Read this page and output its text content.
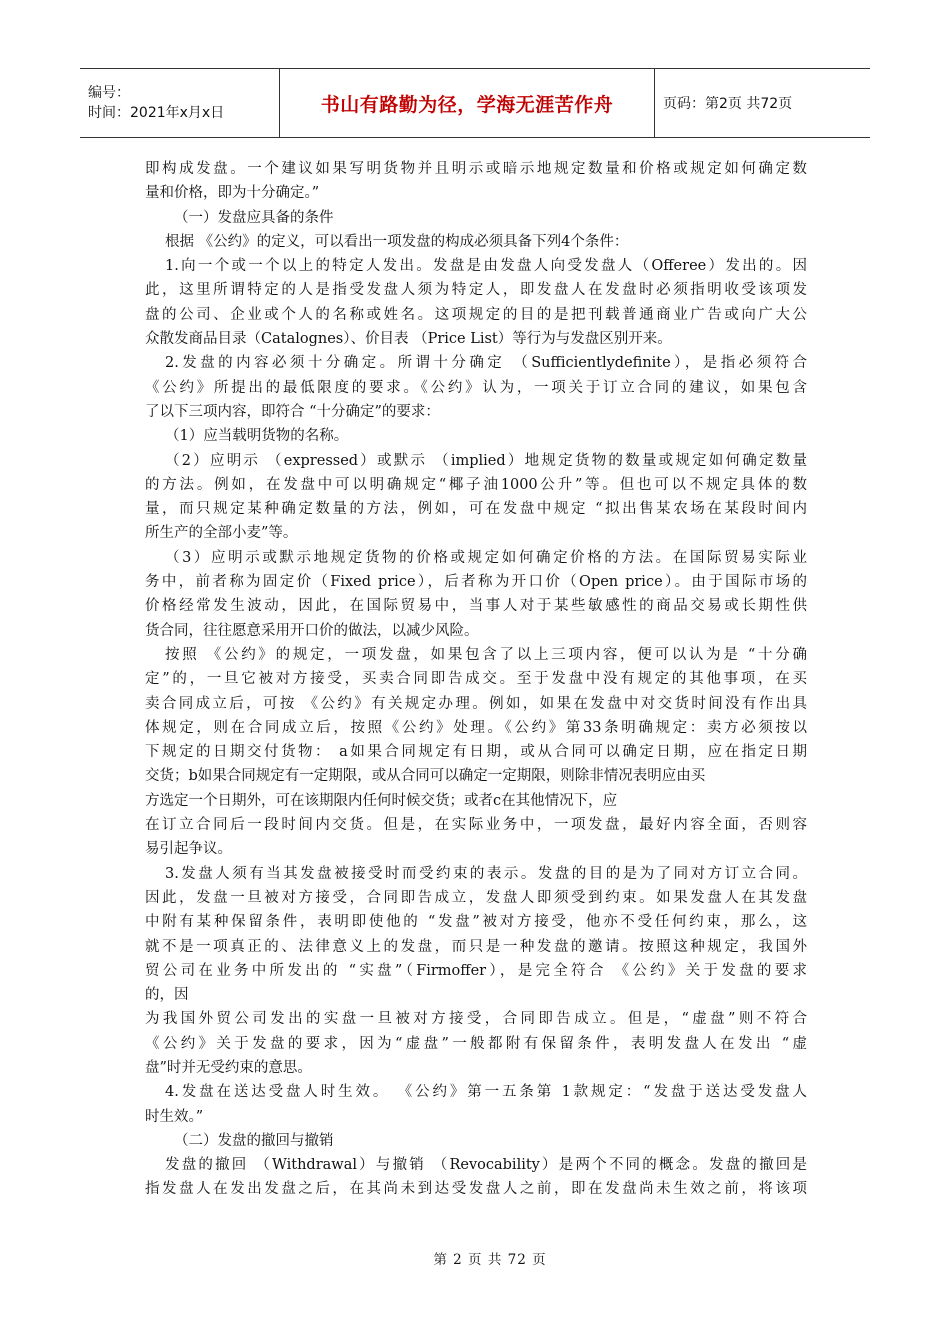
编号：
时间：2021年x月x日	书山有路勤为径，学海无涯苦作舟	页码：第2页 共72页
即构成发盘。一个建议如果写明货物并且明示或暗示地规定数量和价格或规定如何确定数
量和价格，即为十分确定。”
（一）发盘应具备的条件
根据 《公约》的定义，可以看出一项发盘的构成必须具备下列4个条件：
1.向一个或一个以上的特定人发出。发盘是由发盘人向受发盘人（Offeree）发出的。因
此，这里所谓特定的人是指受发盘人须为特定人，即发盘人在发盘时必须指明收受该项发
盘的公司、企业或个人的名称或姓名。这项规定的目的是把刊载普通商业广告或向广大公
众散发商品目录（Catalognes）、价目表 （Price List）等行为与发盘区别开来。
2.发盘的内容必须十分确定。所谓十分确定 （Sufficientlydefinite），是指必须符合
《公约》所提出的最低限度的要求。《公约》认为，一项关于订立合同的建议，如果包含
了以下三项内容，即符合 “十分确定”的要求：
（1）应当载明货物的名称。
（2）应明示 （expressed）或默示 （implied）地规定货物的数量或规定如何确定数量
的方法。例如，在发盘中可以明确规定“椰子油1000公升”等。但也可以不规定具体的数
量，而只规定某种确定数量的方法，例如，可在发盘中规定 “拟出售某农场在某段时间内
所生产的全部小麦”等。
（3）应明示或默示地规定货物的价格或规定如何确定价格的方法。在国际贸易实际业
务中，前者称为固定价（Fixed price），后者称为开口价（Open price）。由于国际市场的
价格经常发生波动，因此，在国际贸易中，当事人对于某些敏感性的商品交易或长期性供
货合同，往往愿意采用开口价的做法，以减少风险。
按照 《公约》的规定，一项发盘，如果包含了以上三项内容，便可以认为是 “十分确
定”的，一旦它被对方接受，买卖合同即告成交。至于发盘中没有规定的其他事项，在买
卖合同成立后，可按 《公约》有关规定办理。例如，如果在发盘中对交货时间没有作出具
体规定，则在合同成立后，按照《公约》处理。《公约》第33条明确规定：卖方必须按以
下规定的日期交付货物： a如果合同规定有日期，或从合同可以确定日期，应在指定日期
交货；b如果合同规定有一定期限，或从合同可以确定一定期限，则除非情况表明应由买
方选定一个日期外，可在该期限内任何时候交货；或者c在其他情况下，应
在订立合同后一段时间内交货。但是，在实际业务中，一项发盘，最好内容全面，否则容
易引起争议。
3.发盘人须有当其发盘被接受时而受约束的表示。发盘的目的是为了同对方订立合同。
因此，发盘一旦被对方接受，合同即告成立，发盘人即须受到约束。如果发盘人在其发盘
中附有某种保留条件，表明即使他的 “发盘”被对方接受，他亦不受任何约束，那么，这
就不是一项真正的、法律意义上的发盘，而只是一种发盘的邀请。按照这种规定，我国外
贸公司在业务中所发出的 “实盘”（Firmoffer），是完全符合 《公约》关于发盘的要求
的，因
为我国外贸公司发出的实盘一旦被对方接受，合同即告成立。但是，“虚盘”则不符合
《公约》关于发盘的要求，因为“虚盘”一般都附有保留条件，表明发盘人在发出 “虚
盘”时并无受约束的意思。
4.发盘在送达受盘人时生效。 《公约》第一五条第 1款规定：“发盘于送达受发盘人
时生效。”
（二）发盘的撤回与撤销
发盘的撤回 （Withdrawal）与撤销 （Revocability）是两个不同的概念。发盘的撤回是
指发盘人在发出发盘之后，在其尚未到达受发盘人之前，即在发盘尚未生效之前，将该项
第 2 页 共 72 页
